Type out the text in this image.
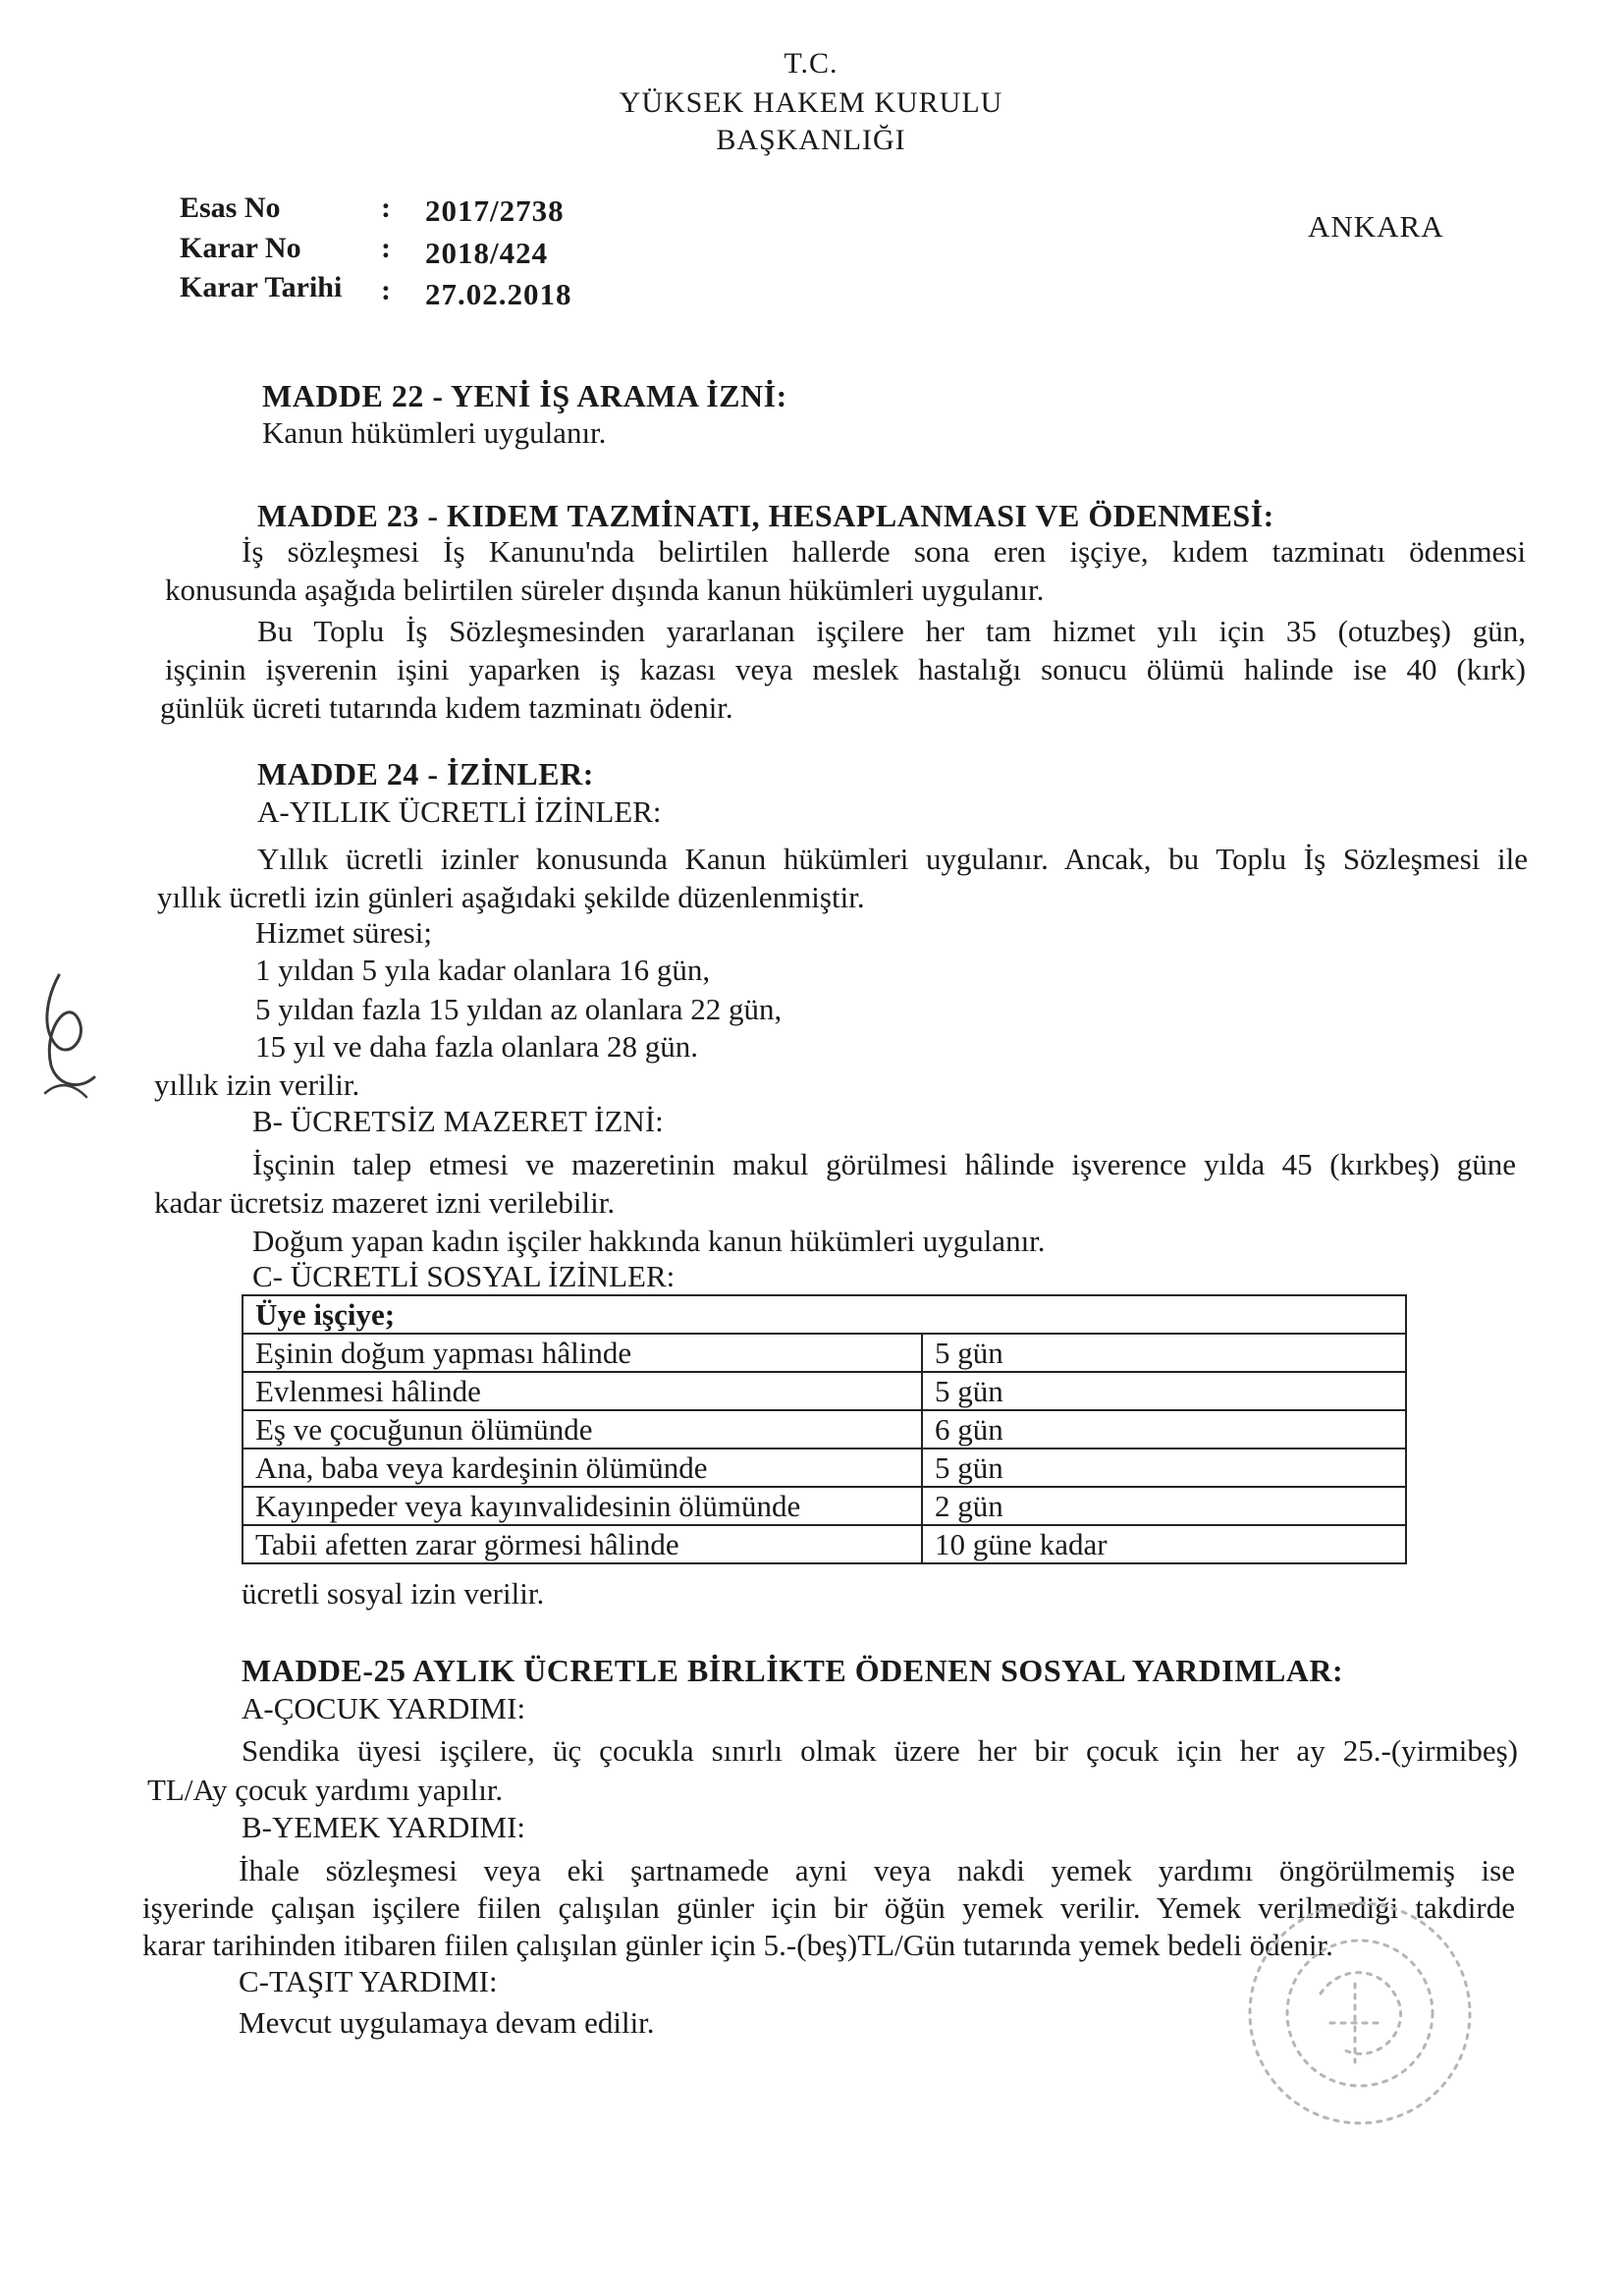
T.C.
YÜKSEK HAKEM KURULU
BAŞKANLIĞI
Esas No	: 2017/2738
Karar No	: 2018/424
Karar Tarihi : 27.02.2018
ANKARA
MADDE 22 - YENİ İŞ ARAMA İZNİ:
Kanun hükümleri uygulanır.
MADDE 23 - KIDEM TAZMİNATI, HESAPLANMASI VE ÖDENMESİ:
İş sözleşmesi İş Kanunu'nda belirtilen hallerde sona eren işçiye, kıdem tazminatı ödenmesi
konusunda aşağıda belirtilen süreler dışında kanun hükümleri uygulanır.
Bu Toplu İş Sözleşmesinden yararlanan işçilere her tam hizmet yılı için 35 (otuzbeş) gün,
işçinin işverenin işini yaparken iş kazası veya meslek hastalığı sonucu ölümü halinde ise 40 (kırk)
günlük ücreti tutarında kıdem tazminatı ödenir.
MADDE 24 - İZİNLER:
A-YILLIK ÜCRETLİ İZİNLER:
Yıllık ücretli izinler konusunda Kanun hükümleri uygulanır. Ancak, bu Toplu İş Sözleşmesi ile
yıllık ücretli izin günleri aşağıdaki şekilde düzenlenmiştir.
Hizmet süresi;
1 yıldan 5 yıla kadar olanlara 16 gün,
5 yıldan fazla 15 yıldan az olanlara 22 gün,
15 yıl ve daha fazla olanlara 28 gün.
yıllık izin verilir.
B- ÜCRETSİZ MAZERET İZNİ:
İşçinin talep etmesi ve mazeretinin makul görülmesi hâlinde işverence yılda 45 (kırkbeş) güne
kadar ücretsiz mazeret izni verilebilir.
Doğum yapan kadın işçiler hakkında kanun hükümleri uygulanır.
C- ÜCRETLİ SOSYAL İZİNLER:
Üye işçiye;	
Eşinin doğum yapması hâlinde	5 gün
Evlenmesi hâlinde	5 gün
Eş ve çocuğunun ölümünde	6 gün
Ana, baba veya kardeşinin ölümünde	5 gün
Kayınpeder veya kayınvalidesinin ölümünde	2 gün
Tabii afetten zarar görmesi hâlinde	10 güne kadar
ücretli sosyal izin verilir.
MADDE-25 AYLIK ÜCRETLE BİRLİKTE ÖDENEN SOSYAL YARDIMLAR:
A-ÇOCUK YARDIMI:
Sendika üyesi işçilere, üç çocukla sınırlı olmak üzere her bir çocuk için her ay 25.-(yirmibeş)
TL/Ay çocuk yardımı yapılır.
B-YEMEK YARDIMI:
İhale sözleşmesi veya eki şartnamede ayni veya nakdi yemek yardımı öngörülmemiş ise
işyerinde çalışan işçilere fiilen çalışılan günler için bir öğün yemek verilir. Yemek verilmediği takdirde
karar tarihinden itibaren fiilen çalışılan günler için 5.-(beş)TL/Gün tutarında yemek bedeli ödenir.
C-TAŞIT YARDIMI:
Mevcut uygulamaya devam edilir.
